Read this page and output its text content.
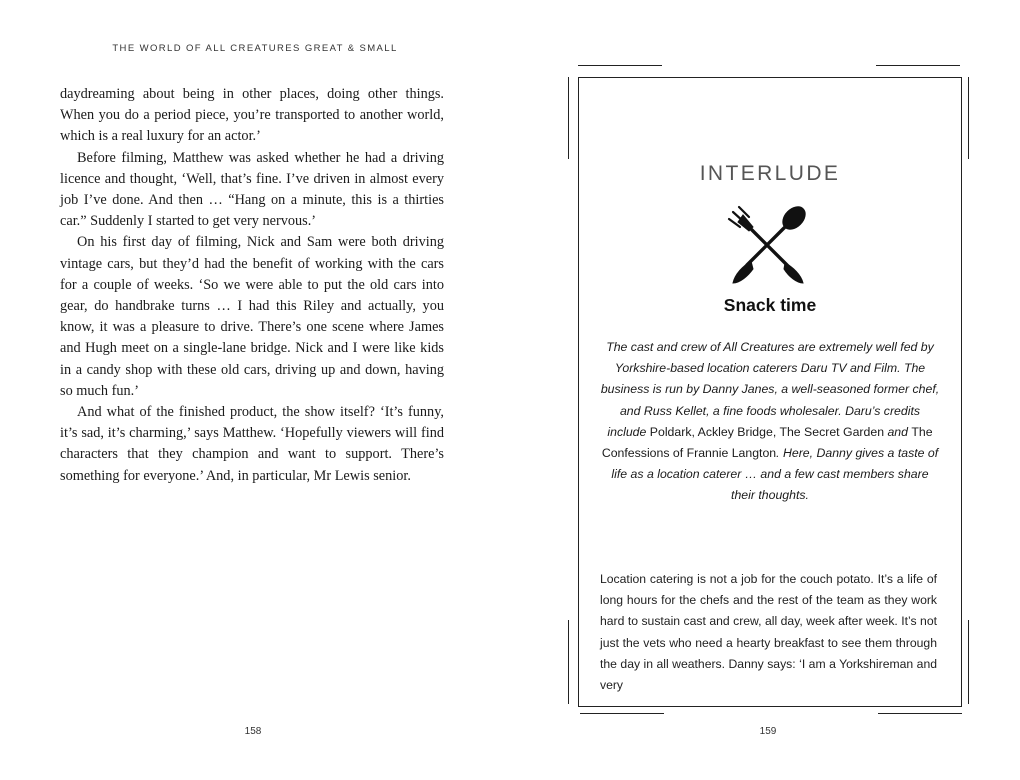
THE WORLD OF ALL CREATURES GREAT & SMALL

daydreaming about being in other places, doing other things. When you do a period piece, you’re transported to another world, which is a real luxury for an actor.’

Before filming, Matthew was asked whether he had a driving licence and thought, ‘Well, that’s fine. I’ve driven in almost every job I’ve done. And then … “Hang on a minute, this is a thirties car.” Suddenly I started to get very nervous.’

On his first day of filming, Nick and Sam were both driving vintage cars, but they’d had the benefit of working with the cars for a couple of weeks. ‘So we were able to put the old cars into gear, do handbrake turns … I had this Riley and actually, you know, it was a pleasure to drive. There’s one scene where James and Hugh meet on a single-lane bridge. Nick and I were like kids in a candy shop with these old cars, driving up and down, having so much fun.’

And what of the finished product, the show itself? ‘It’s funny, it’s sad, it’s charming,’ says Matthew. ‘Hopefully viewers will find characters that they champion and want to support. There’s something for everyone.’ And, in particular, Mr Lewis senior.

158
INTERLUDE
Snack time
The cast and crew of All Creatures are extremely well fed by Yorkshire-based location caterers Daru TV and Film. The business is run by Danny Janes, a well-seasoned former chef, and Russ Kellet, a fine foods wholesaler. Daru’s credits include Poldark, Ackley Bridge, The Secret Garden and The Confessions of Frannie Langton. Here, Danny gives a taste of life as a location caterer … and a few cast members share their thoughts.

Location catering is not a job for the couch potato. It’s a life of long hours for the chefs and the rest of the team as they work hard to sustain cast and crew, all day, week after week. It’s not just the vets who need a hearty breakfast to see them through the day in all weathers. Danny says: ‘I am a Yorkshireman and very

159
